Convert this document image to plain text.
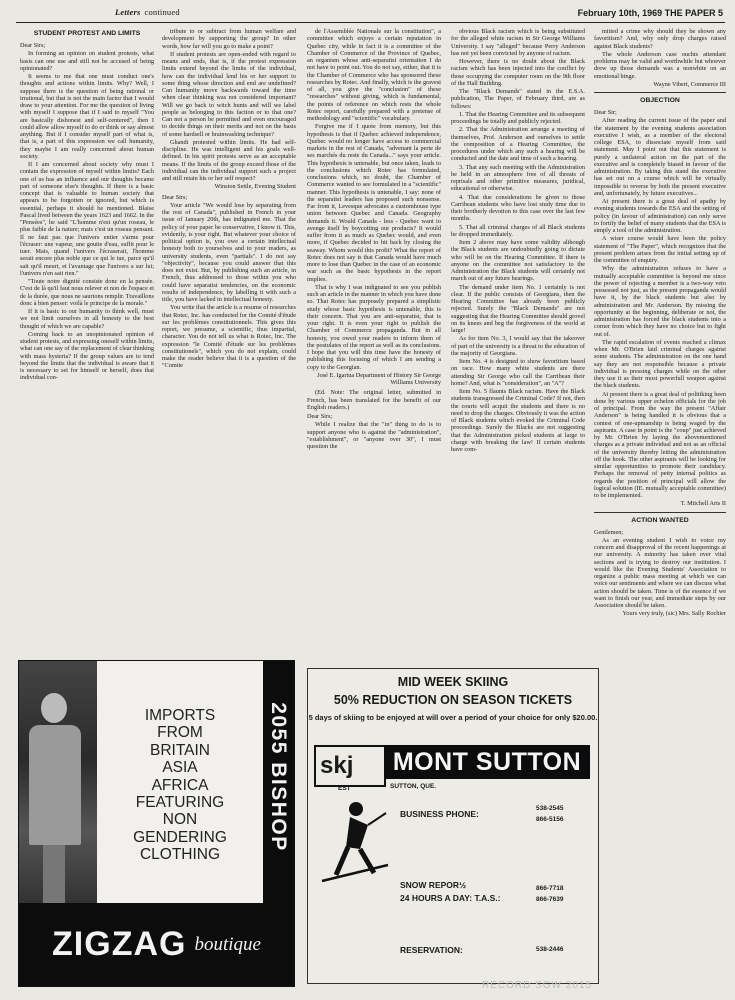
Letters continued	February 10th, 1969 THE PAPER 5
STUDENT PROTEST AND LIMITS

Dear Sirs;

In forming an opinion on student protests, what basis can one use and still not be accused of being opinionated?

It seems to me that one must conduct one's thoughts and actions within limits. Why? Well, I suppose there is the question of being rational or irrational, but that is not the main factor that I would draw to your attention. For me the question of living with myself I suppose that if I said to myself "You are basically dishonest and self-centered", then I could allow allow myself to do or think or say almost anything. But if I consider myself part of what is, that is, a part of this expression we call humanity, they maybe I am really concerned about human society.

If I am concerned about society why must I contain the expression of myself within limits? Each one of us has an influence and our thoughts became part of someone else's thoughts. If there is a basic concept that is valuable to human society that appears to be forgotten or ignored, but which is essential, perhaps it should be mentioned. Blaise Pascal lived between the years 1623 and 1662. In the "Pensées", he said "L'homme n'est qu'un roseau, le plus faible de la nature; mais c'est un roseau pensant. Il ne faut pas que l'univers entier s'arme pour l'écraser: une vapeur, une goutte d'eau, suffit pour le tuer. Mais, quand l'univers l'écraserait, l'homme serait encore plus noble que ce qui le tue, parce qu'il sait qu'il meurt, et l'avantage que l'univers a sur lui; l'univers n'en sait rien."

"Toute notre dignité consiste donc en la pensée. C'est de là qu'il faut nous relever et non de l'espace et de la durée, que nous ne saurions remplir. Travaillons donc à bien penser: voilà le principe de la morale."

If it is basic to our humanity to think well, must we not limit ourselves in all honesty to the best thought of which we are capable?

Coming back to an unopinionated opinion of student protests, and expressing oneself within limits, what can one say of the replacement of clear thinking with mass hysteria? If the group values are to tend beyond the limits that the individual is aware that it is necessary to set for himself or herself, does that individual con-

tribute to or subtract from human welfare and development by supporting the group? In other words, how far will you go to make a point?

If student protests are open-ended with regard to means and ends, that is, if the protest expression limits extend beyond the limits of the individual, how can the individual lend his or her support to some thing whose direction and end are undefined? Can humanity move backwards toward the time when clear thinking was not considered important? Will we go back to witch hunts and will we label people as belonging to this faction or to that one? Can not a person be permitted and even encouraged to decide things on their merits and not on the basis of some hardsell or brainwashing technique?

Ghandi protested within limits. He had self-discipline. He was intelligent and his goals well-defined. In his spirit protests serve as an acceptable means. If the limits of the group exceed those of the individual can the individual support such a project and still retain his or her self respect?

Winston Settle, Evening Student

Dear Sirs;

Your article "We would lose by separating from the rest of Canada", published in French in your issue of January 20th, has indignated me. That the policy of your paper be conservative, I know it. This, evidently, is your right. But whatever your choice of political option is, you owe a certain intellectual honesty both to yourselves and to your readers, as university students, even "partials". I do not say "objectivity", because you could answer that this does not exist. But, by publishing such an article, in French, thus addressed to those within you who could have separatist tendencies, on the economic results of independence, by labelling it with such a title, you have lacked in intellectual honesty.

You write that the article is a resume of researches that Rotec, Inc. has conducted for the Comité d'étude sur les problèmes constitutionnels. This gives this report, we presume, a scientific, thus impartial, character. You do not tell us what is Rotec, Inc. The expression "le Comité d'étude sur les problèmes constitutionels", which you do not explain, could make the reader believe that it is a question of the "Comite

de l'Assemblée Nationale sur la constitution", a committee which enjoys a certain reputation in Quebec city, while in fact it is a committee of the Chamber of Commerce of the Province of Quebec, an organism whose anti-separatist orientation I do not have to point out. You do not say, either, that it is the Chamber of Commerce who has sponsored these researches by Rotec. And finally, which is the gravest of all, you give the "conclusion" of these "researches" without giving, which is fundamental, the points of reference on which rests the whole Rotec report, carefully prepared with a pretense of methodology and "scientific" vocabulary.

Forgive me if I quote from memory, but this hypothesis is that if Quebec achieved independence, Quebec would no longer have access to commercial markets in the rest of Canada, "advenant la perte de ses marchés du reste du Canada..." says your article. This hypothesis is untenable, but once taken, leads to the conclusions which Rotec has formulated, conclusions which, no doubt, the Chamber of Commerce wanted to see formulated in a "scientific" manner. This hypothesis is untenable, I say: none of the separatist leaders has proposed such nonsense. Far from it, Levesque advocates a customhouse type union between Quebec and Canada. Geography demands it. Would Canada - less - Quebec want to avenge itself by boycotting our products? It would suffer from it as much as Quebec would, and even more, if Quebec decided to hit back by closing the seaway. Whom would this profit? What the report of Rotec does not say is that Canada would have much more to lose than Quebec in the case of an economic war such as the basic hypothesis in the report implies.

That is why I was indignated to see you publish such an article in the manner in which you have done so. That Rotec has purposely prepared a simplistic study whose basic hypothesis is untenable, this is their concern. That you are anti-separatist, that is your right. It is even your right to publish the Chamber of Commerce propaganda. But in all honesty, you owed your readers to inform them of the postulates of the report as well as its conclusions. I hope that you will this time have the honesty of publishing this focusing of which I am sending a copy to the Georgian.

José E. Igartua Department of History Sir George Williams University

(Ed. Note: The original letter, submitted in French, has been translated for the benefit of our English readers.)

Dear Sirs;

While I realize that the "in" thing to do is to support anyone who is against the "administration", "establishment", or "anyone over 30", I must question the

obvious Black racism which is being substituted for the alleged white racism in Sir George Williams University. I say "alleged" because Perry Anderson has not yet been convicted by anyone of racism.

However, there is no doubt about the Black racism which has been injected into the conflict by those occupying the computer room on the 9th floor of the Hall Building.

The "Black Demands" stated in the E.S.A. publication, The Paper, of February third, are as follows:

1. That the Hearing Committee and its subsequent proceedings be totally and publicly rejected.

2. That the Administration arrange a meeting of themselves, Prof. Anderson and ourselves to settle the composition of a Hearing Committee, the procedures under which any such a hearing will be conducted and the date and time of such a hearing.

3. That any such meeting with the Administration be held in an atmosphere free of all threats of reprisals and other primitive measures, juridical, educational or otherwise.

4. That due considerations be given to those Carribean students who have lost study time due to their brotherly devotion to this case over the last few months.

5. That all criminal charges of all Black students be dropped immediately.

Item 2 above may have some validity although the Black students are undoubtedly going to dictate who will be on the Hearing Committee. If there is anyone on the committee not satisfactory to the Administration the Black students will certainly not march out of any future hearings.

The demand under item No. 1 certainly is not clear. If the public consists of Georgians, then the Hearing Committee has already been publicly rejected. Surely the "Black Demands" are not suggesting that the Hearing Committee should grovel on its knees and beg the forgiveness of the world at large!

As for item No. 3, I would say that the takeover of part of the university is a threat to the education of the majority of Georgians.

Item No. 4 is designed to show favoritism based on race. How many white students are there attending Sir George who call the Carribean their home? And, what is "consideration", an "A"?

Item No. 5 flaunts Black racism. Have the Black students transgressed the Criminal Code? If not, then the courts will acquit the students and there is no need to drop the charges. Obviously it was the action of Black students which evoked the Criminal Code proceedings. Surely the Blacks are not suggesting that the Administration picked students at large to charge with breaking the law! If certain students have com-

mitted a crime why should they be shown any favoritism? And, why only drop charges raised against Black students?

The whole Anderson case ouchts attendant problems may be valid and worthwhile but whoever drew up those demands was a nonwhite on an emotional binge.

Wayne Vibert, Commerce III

OBJECTION

Dear Sir;

After reading the current issue of the paper and the statement by the evening students association executive I wish, as a member of the electoral college ESA, to dissociate myself from said statement. May I point out that this statement is purely a unilateral action on the part of the executive and is completely biased in favour of the administration. By taking this stand the executive has set out on a course which will be virtually impossible to reverse by both the present executive and, unfortunately, by future executives...

At present there is a great deal of apathy by evening students towards the ESA and the setting of policy (in favour of administration) can only serve to fortify the belief of many students that the ESA is simply a tool of the administration.

A wiser course would have been the policy statement of "The Paper", which recognizes that the present problem arises from the initial setting up of the committee of enquiry.

Why the administration refuses to have a mutually acceptable committee is beyond me since the power of rejecting a member is a two-way veto possessed not just, as the present propaganda would have it, by the black students but also by administration and Mr. Anderson. By missing the opportunity at the beginning, deliberate or not, the administration has forced the black students into a corner from which they have no choice but to fight out of.

The rapid escalation of events reached a climax when Mr. O'Brien laid criminal charges against some students. The administration on the one hand say they are not responsible because a private individual is pressing charges while on the other they use it as their most powerfull weapon against the black students.

At present there is a great deal of politiking been done by various upper echelon officials for the job of principal. From the way the present "Affair Anderson" is being handled it is obvious that a contest of one-upmanship is being waged by the aspirants. A case in point is the "coup" just achieved by Mr. O'Brien by laying the abovementioned charges as a private individual and not as an official of the university thereby letting the administration off the hook. The other aspirants will be looking for similar opportunities to promote their candidacy. Perhaps the removal of petty internal politics as regards the position of principal will allow the logical solution (IE. mutually acceptable committee) to be implemented.

T. Mitchell Arts II

ACTION WANTED

Gentlemen;

As an evening student I wish to voice my concern and disapproval of the recent happenings at our university. A minority has taken over vital sections and is trying to destroy our institution. I would like the Evening Students' Association to organize a public mass meeting at which we can voice our sentiments and where we can discuss what action should be taken. Time is of the essence if we want to finish our year, and immediate steps by our Association should be taken.

Yours very truly, (sic) Mrs. Sally Rochier

IMPORTS
FROM
BRITAIN
ASIA
AFRICA
FEATURING
NON
GENDERING
CLOTHING
2055 BISHOP
ZIGZAG boutique
MID WEEK SKIING
50% REDUCTION ON SEASON TICKETS
5 days of skiing to be enjoyed at will over a period of your choice for only $20.00.
skj
EST
MONT SUTTON
SUTTON, QUE.
BUSINESS PHONE:
538-2545
866-5156
SNOW REPOR½
24 HOURS A DAY: T.A.S.:
866-7718
866-7639
RESERVATION:	538-2446
RECORD SGW 2015
